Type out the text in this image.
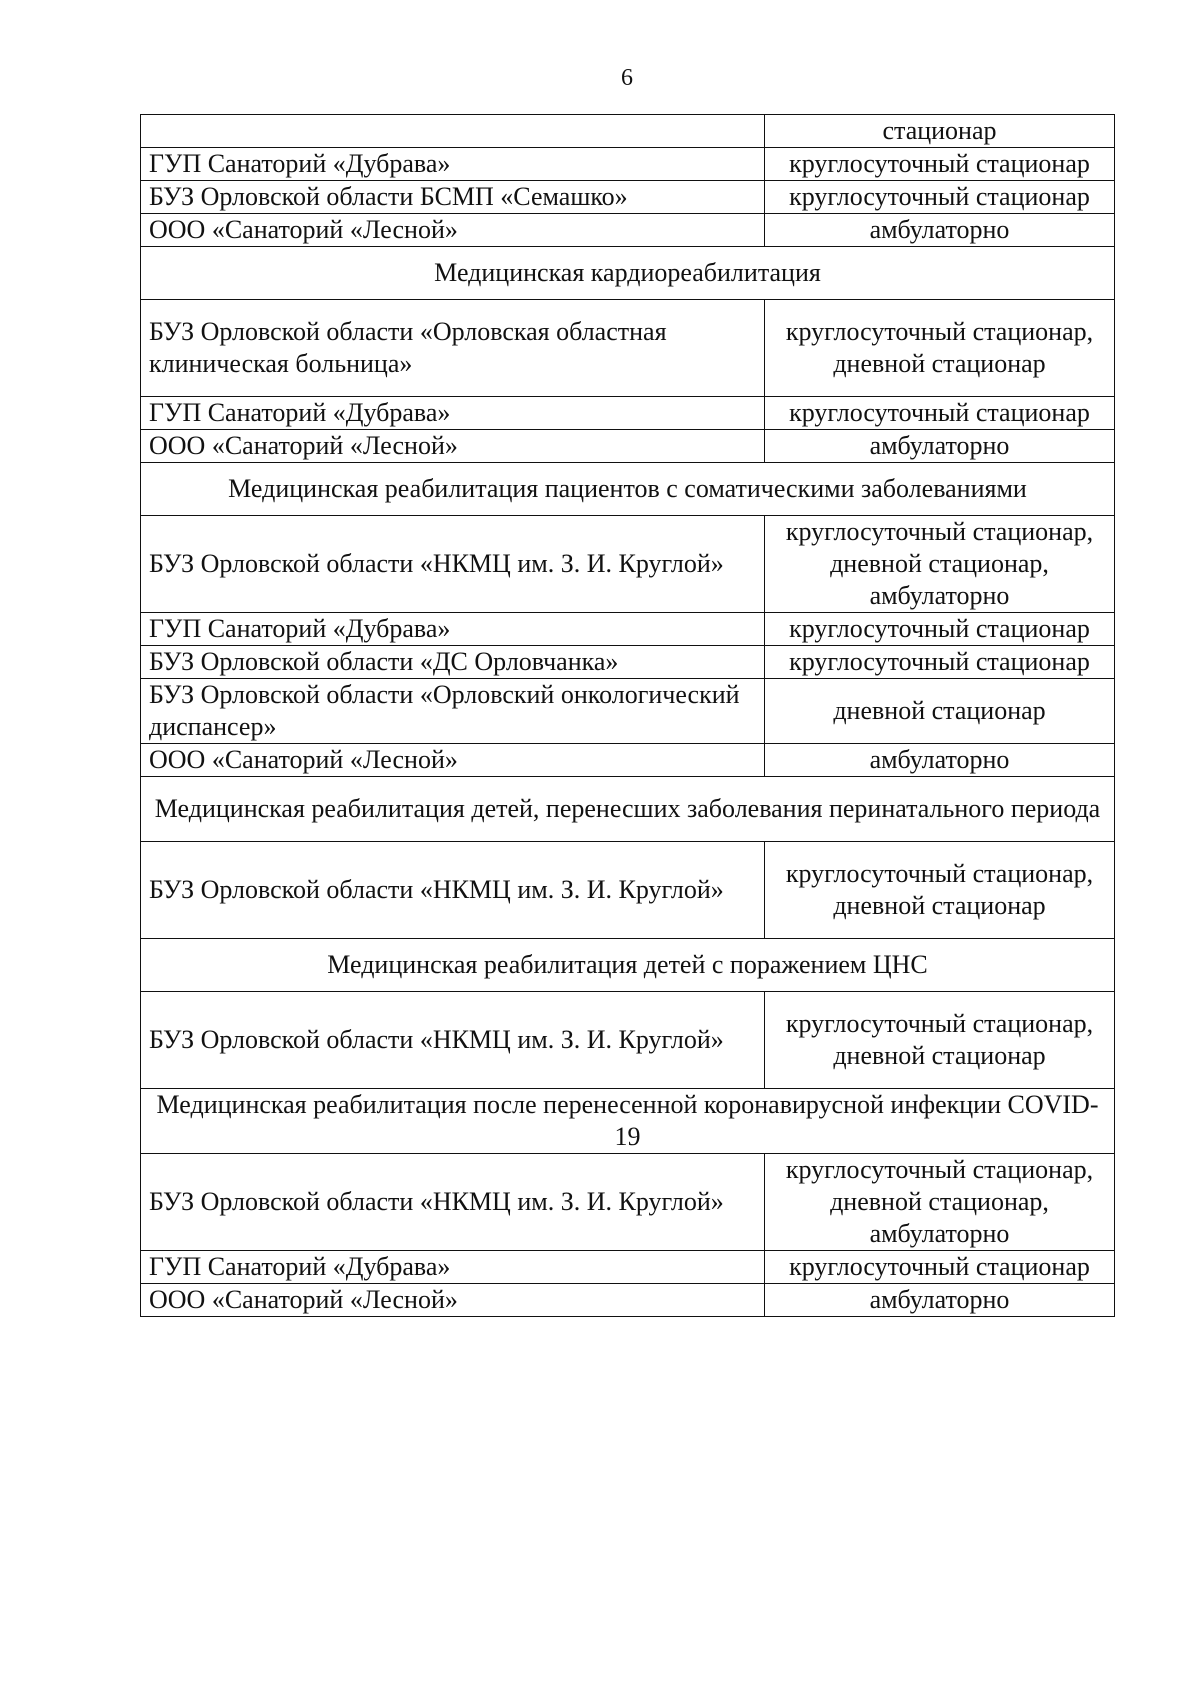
6
	стационар
ГУП Санаторий «Дубрава»	круглосуточный стационар
БУЗ Орловской области БСМП «Семашко»	круглосуточный стационар
ООО «Санаторий «Лесной»	амбулаторно
Медицинская кардиореабилитация	
БУЗ Орловской области «Орловская областная клиническая больница»	круглосуточный стационар, дневной стационар
ГУП Санаторий «Дубрава»	круглосуточный стационар
ООО «Санаторий «Лесной»	амбулаторно
Медицинская реабилитация пациентов с соматическими заболеваниями	
БУЗ Орловской области «НКМЦ им. З. И. Круглой»	круглосуточный стационар, дневной стационар, амбулаторно
ГУП Санаторий «Дубрава»	круглосуточный стационар
БУЗ Орловской области «ДС Орловчанка»	круглосуточный стационар
БУЗ Орловской области «Орловский онкологический диспансер»	дневной стационар
ООО «Санаторий «Лесной»	амбулаторно
Медицинская реабилитация детей, перенесших заболевания перинатального периода	
БУЗ Орловской области «НКМЦ им. З. И. Круглой»	круглосуточный стационар, дневной стационар
Медицинская реабилитация детей с поражением ЦНС	
БУЗ Орловской области «НКМЦ им. З. И. Круглой»	круглосуточный стационар, дневной стационар
Медицинская реабилитация после перенесенной коронавирусной инфекции COVID-19	
БУЗ Орловской области «НКМЦ им. З. И. Круглой»	круглосуточный стационар, дневной стационар, амбулаторно
ГУП Санаторий «Дубрава»	круглосуточный стационар
ООО «Санаторий «Лесной»	амбулаторно
